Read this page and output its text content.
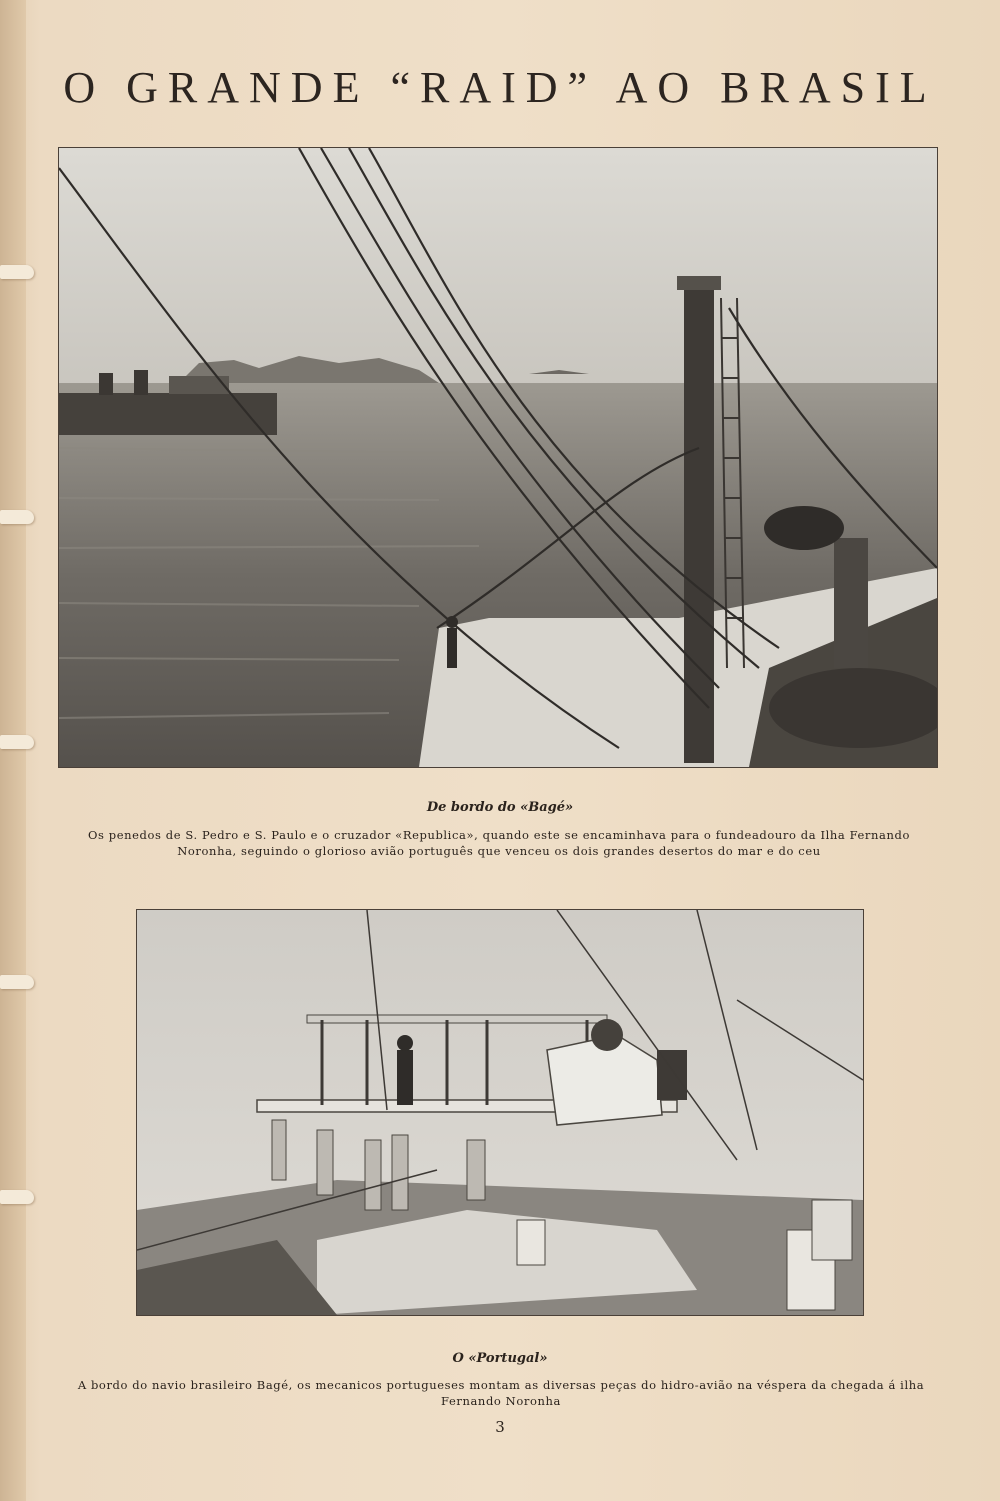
O GRANDE “RAID” AO BRASIL
De bordo do «Bagé»
Os penedos de S. Pedro e S. Paulo e o cruzador «Republica», quando este se encaminhava para o fundeadouro da Ilha Fernando Noronha, seguindo o glorioso avião português que venceu os dois grandes desertos do mar e do ceu
O «Portugal»
A bordo do navio brasileiro Bagé, os mecanicos portugueses montam as diversas peças do hidro-avião na véspera da chegada á ilha Fernando Noronha
3
